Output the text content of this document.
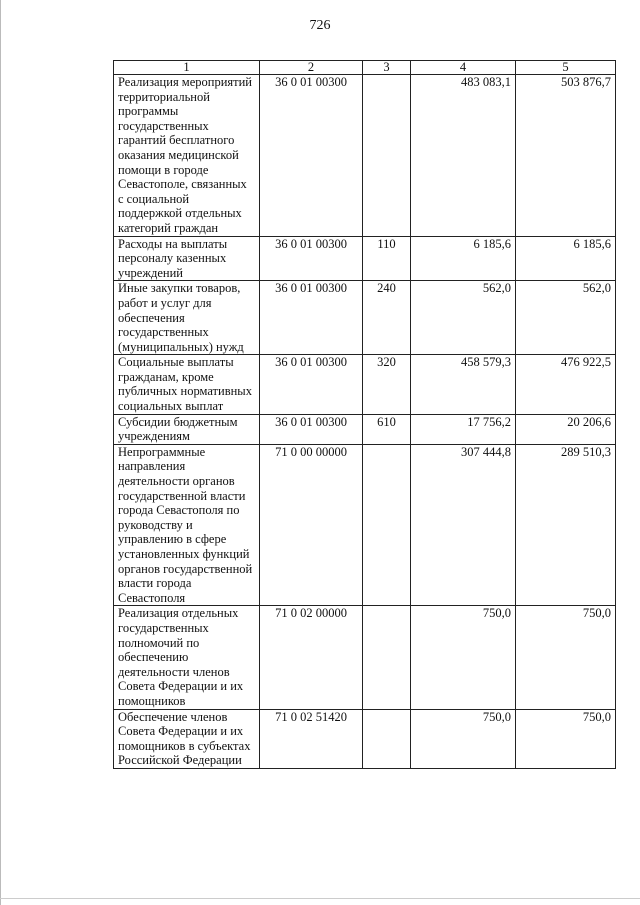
726
1	2	3	4	5
Реализация мероприятий территориальной программы государственных гарантий бесплатного оказания медицинской помощи в городе Севастополе, связанных с социальной поддержкой отдельных категорий граждан	36 0 01 00300		483 083,1	503 876,7
Расходы на выплаты персоналу казенных учреждений	36 0 01 00300	110	6 185,6	6 185,6
Иные закупки товаров, работ и услуг для обеспечения государственных (муниципальных) нужд	36 0 01 00300	240	562,0	562,0
Социальные выплаты гражданам, кроме публичных нормативных социальных выплат	36 0 01 00300	320	458 579,3	476 922,5
Субсидии бюджетным учреждениям	36 0 01 00300	610	17 756,2	20 206,6
Непрограммные направления деятельности органов государственной власти города Севастополя по руководству и управлению в сфере установленных функций органов государственной власти города Севастополя	71 0 00 00000		307 444,8	289 510,3
Реализация отдельных государственных полномочий по обеспечению деятельности членов Совета Федерации и их помощников	71 0 02 00000		750,0	750,0
Обеспечение членов Совета Федерации и их помощников в субъектах Российской Федерации	71 0 02 51420		750,0	750,0
